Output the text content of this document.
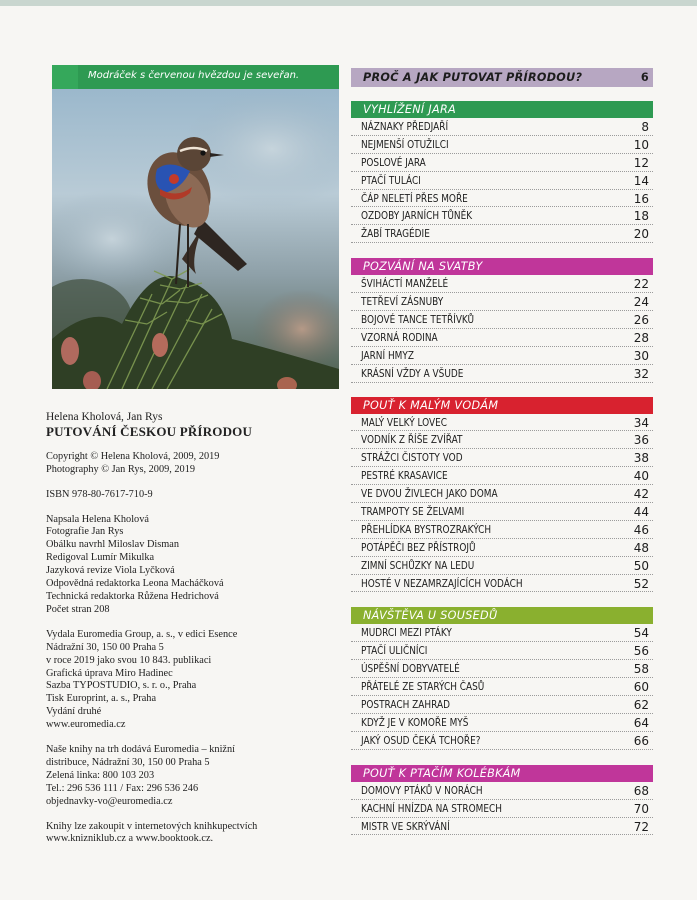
Modráček s červenou hvězdou je seveřan.
Helena Kholová, Jan Rys
PUTOVÁNÍ ČESKOU PŘÍRODOU
Copyright © Helena Kholová, 2009, 2019
Photography © Jan Rys, 2009, 2019
ISBN 978-80-7617-710-9
Napsala Helena Kholová
Fotografie Jan Rys
Obálku navrhl Miloslav Disman
Redigoval Lumír Mikulka
Jazyková revize Viola Lyčková
Odpovědná redaktorka Leona Macháčková
Technická redaktorka Růžena Hedrichová
Počet stran 208
Vydala Euromedia Group, a. s., v edici Esence
Nádražní 30, 150 00 Praha 5
v roce 2019 jako svou 10 843. publikaci
Grafická úprava Miro Hadinec
Sazba TYPOSTUDIO, s. r. o., Praha
Tisk Europrint, a. s., Praha
Vydání druhé
www.euromedia.cz
Naše knihy na trh dodává Euromedia – knižní
distribuce, Nádražní 30, 150 00 Praha 5
Zelená linka: 800 103 203
Tel.: 296 536 111 / Fax: 296 536 246
objednavky-vo@euromedia.cz
Knihy lze zakoupit v internetových knihkupectvích
www.knizniklub.cz a www.booktook.cz.
PROČ A JAK PUTOVAT PŘÍRODOU?	6
VYHLÍŽENÍ JARA
NÁZNAKY PŘEDJAŘÍ	8
NEJMENŠÍ OTUŽILCI	10
POSLOVÉ JARA	12
PTAČÍ TULÁCI	14
ČÁP NELETÍ PŘES MOŘE	16
OZDOBY JARNÍCH TŮNĚK	18
ŽABÍ TRAGÉDIE	20
POZVÁNÍ NA SVATBY
ŠVIHÁCTÍ MANŽELÉ	22
TETŘEVÍ ZÁSNUBY	24
BOJOVÉ TANCE TETŘÍVKŮ	26
VZORNÁ RODINA	28
JARNÍ HMYZ	30
KRÁSNÍ VŽDY A VŠUDE	32
POUŤ K MALÝM VODÁM
MALÝ VELKÝ LOVEC	34
VODNÍK Z ŘÍŠE ZVÍŘAT	36
STRÁŽCI ČISTOTY VOD	38
PESTRÉ KRASAVICE	40
VE DVOU ŽIVLECH JAKO DOMA	42
TRAMPOTY SE ŽELVAMI	44
PŘEHLÍDKA BYSTROZRAKÝCH	46
POTÁPĚČI BEZ PŘÍSTROJŮ	48
ZIMNÍ SCHŮZKY NA LEDU	50
HOSTÉ V NEZAMRZAJÍCÍCH VODÁCH	52
NÁVŠTĚVA U SOUSEDŮ
MUDRCI MEZI PTÁKY	54
PTAČÍ ULIČNÍCI	56
ÚSPĚŠNÍ DOBYVATELÉ	58
PŘÁTELÉ ZE STARÝCH ČASŮ	60
POSTRACH ZAHRAD	62
KDYŽ JE V KOMOŘE MYŠ	64
JAKÝ OSUD ČEKÁ TCHOŘE?	66
POUŤ K PTAČÍM KOLÉBKÁM
DOMOVY PTÁKŮ V NORÁCH	68
KACHNÍ HNÍZDA NA STROMECH	70
MISTR VE SKRÝVÁNÍ	72
